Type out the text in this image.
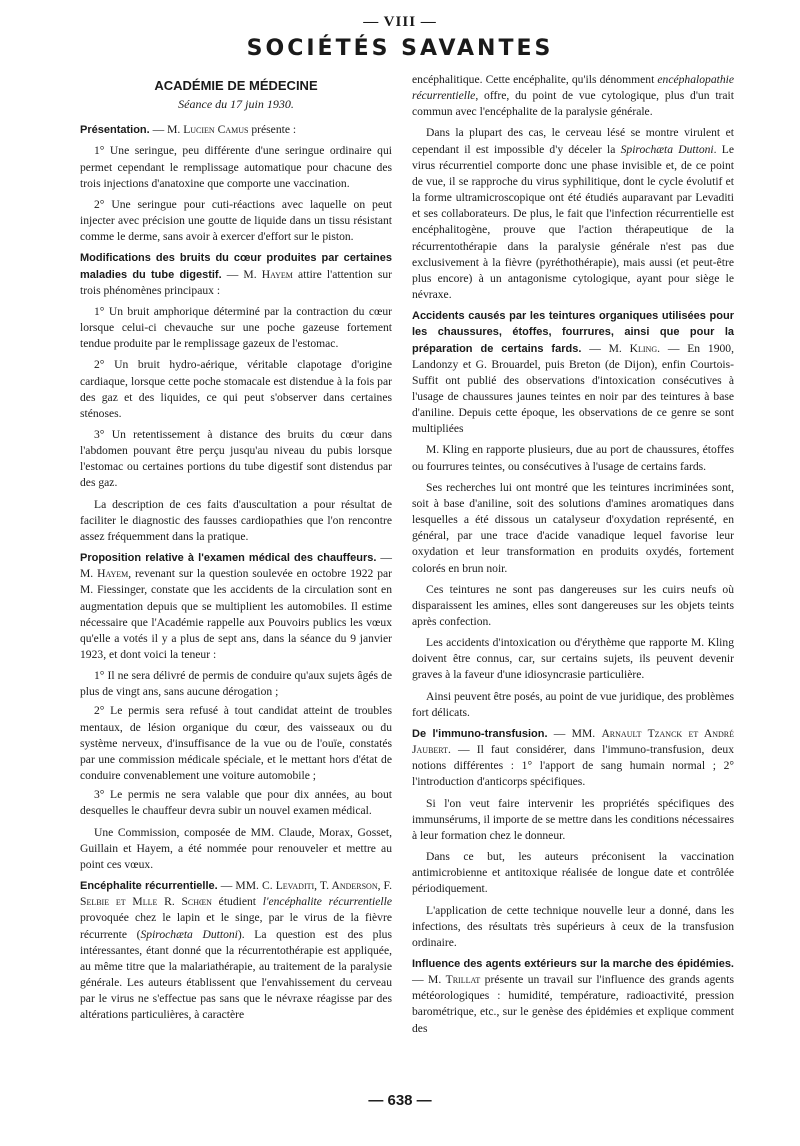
— VIII —
SOCIÉTÉS SAVANTES
ACADÉMIE DE MÉDECINE
Séance du 17 juin 1930.

Présentation. — M. Lucien Camus présente :

1° Une seringue, peu différente d'une seringue ordinaire qui permet cependant le remplissage automatique pour chacune des trois injections d'anatoxine que comporte une vaccination.

2° Une seringue pour cuti-réactions avec laquelle on peut injecter avec précision une goutte de liquide dans un tissu résistant comme le derme, sans avoir à exercer d'effort sur le piston.

Modifications des bruits du cœur produites par certaines maladies du tube digestif. — M. Hayem attire l'attention sur trois phénomènes principaux :

1° Un bruit amphorique déterminé par la contraction du cœur lorsque celui-ci chevauche sur une poche gazeuse fortement tendue produite par le remplissage gazeux de l'estomac.

2° Un bruit hydro-aérique, véritable clapotage d'origine cardiaque, lorsque cette poche stomacale est distendue à la fois par des gaz et des liquides, ce qui peut s'observer dans certaines sténoses.

3° Un retentissement à distance des bruits du cœur dans l'abdomen pouvant être perçu jusqu'au niveau du pubis lorsque l'estomac ou certaines portions du tube digestif sont distendus par des gaz.

La description de ces faits d'auscultation a pour résultat de faciliter le diagnostic des fausses cardiopathies que l'on rencontre assez fréquemment dans la pratique.

Proposition relative à l'examen médical des chauffeurs. — M. Hayem, revenant sur la question soulevée en octobre 1922 par M. Fiessinger, constate que les accidents de la circulation sont en augmentation depuis que se multiplient les automobiles. Il estime nécessaire que l'Académie rappelle aux Pouvoirs publics les vœux qu'elle a votés il y a plus de sept ans, dans la séance du 9 janvier 1923, et dont voici la teneur :

1° Il ne sera délivré de permis de conduire qu'aux sujets âgés de plus de vingt ans, sans aucune dérogation ;

2° Le permis sera refusé à tout candidat atteint de troubles mentaux, de lésion organique du cœur, des vaisseaux ou du système nerveux, d'insuffisance de la vue ou de l'ouïe, constatés par une commission médicale spéciale, et le mettant hors d'état de conduire convenablement une voiture automobile ;

3° Le permis ne sera valable que pour dix années, au bout desquelles le chauffeur devra subir un nouvel examen médical.

Une Commission, composée de MM. Claude, Morax, Gosset, Guillain et Hayem, a été nommée pour renouveler et mettre au point ces vœux.

Encéphalite récurrentielle. — MM. C. Levaditi, T. Anderson, F. Selbie et Mlle R. Schœn étudient l'encéphalite récurrentielle provoquée chez le lapin et le singe, par le virus de la fièvre récurrente (Spirochæta Duttoni). La question est des plus intéressantes, étant donné que la récurrentothérapie est appliquée, au même titre que la malariathérapie, au traitement de la paralysie générale. Les auteurs établissent que l'envahissement du cerveau par le virus ne s'effectue pas sans que le névraxe réagisse par des altérations particulières, à caractère

encéphalitique. Cette encéphalite, qu'ils dénomment encéphalopathie récurrentielle, offre, du point de vue cytologique, plus d'un trait commun avec l'encéphalite de la paralysie générale.

Dans la plupart des cas, le cerveau lésé se montre virulent et cependant il est impossible d'y déceler la Spirochæta Duttoni. Le virus récurrentiel comporte donc une phase invisible et, de ce point de vue, il se rapproche du virus syphilitique, dont le cycle évolutif et la forme ultramicroscopique ont été étudiés auparavant par Levaditi et ses collaborateurs. De plus, le fait que l'infection récurrentielle est encéphalitogène, prouve que l'action thérapeutique de la récurrentothérapie dans la paralysie générale n'est pas due exclusivement à la fièvre (pyréthothérapie), mais aussi (et peut-être plus encore) à un antagonisme cytologique, ayant pour siège le névraxe.

Accidents causés par les teintures organiques utilisées pour les chaussures, étoffes, fourrures, ainsi que pour la préparation de certains fards. — M. Kling. — En 1900, Landonzy et G. Brouardel, puis Breton (de Dijon), enfin Courtois-Suffit ont publié des observations d'intoxication consécutives à l'usage de chaussures jaunes teintes en noir par des teintures à base d'aniline. Depuis cette époque, les observations de ce genre se sont multipliées

M. Kling en rapporte plusieurs, due au port de chaussures, étoffes ou fourrures teintes, ou consécutives à l'usage de certains fards.

Ses recherches lui ont montré que les teintures incriminées sont, soit à base d'aniline, soit des solutions d'amines aromatiques dans lesquelles a été dissous un catalyseur d'oxydation représenté, en général, par une trace d'acide vanadique lequel favorise leur oxydation et leur transformation en produits oxydés, fortement colorés en brun noir.

Ces teintures ne sont pas dangereuses sur les cuirs neufs où disparaissent les amines, elles sont dangereuses sur les objets teints après confection.

Les accidents d'intoxication ou d'érythème que rapporte M. Kling doivent être connus, car, sur certains sujets, ils peuvent devenir graves à la faveur d'une idiosyncrasie particulière.

Ainsi peuvent être posés, au point de vue juridique, des problèmes fort délicats.

De l'immuno-transfusion. — MM. Arnault Tzanck et André Jaubert. — Il faut considérer, dans l'immuno-transfusion, deux notions différentes : 1° l'apport de sang humain normal ; 2° l'introduction d'anticorps spécifiques.

Si l'on veut faire intervenir les propriétés spécifiques des immunsérums, il importe de se mettre dans les conditions nécessaires à leur formation chez le donneur.

Dans ce but, les auteurs préconisent la vaccination antimicrobienne et antitoxique réalisée de longue date et contrôlée périodiquement.

L'application de cette technique nouvelle leur a donné, dans les infections, des résultats très supérieurs à ceux de la transfusion ordinaire.

Influence des agents extérieurs sur la marche des épidémies. — M. Trillat présente un travail sur l'influence des grands agents météorologiques : humidité, température, radioactivité, pression barométrique, etc., sur le genèse des épidémies et explique comment des

— 638 —
